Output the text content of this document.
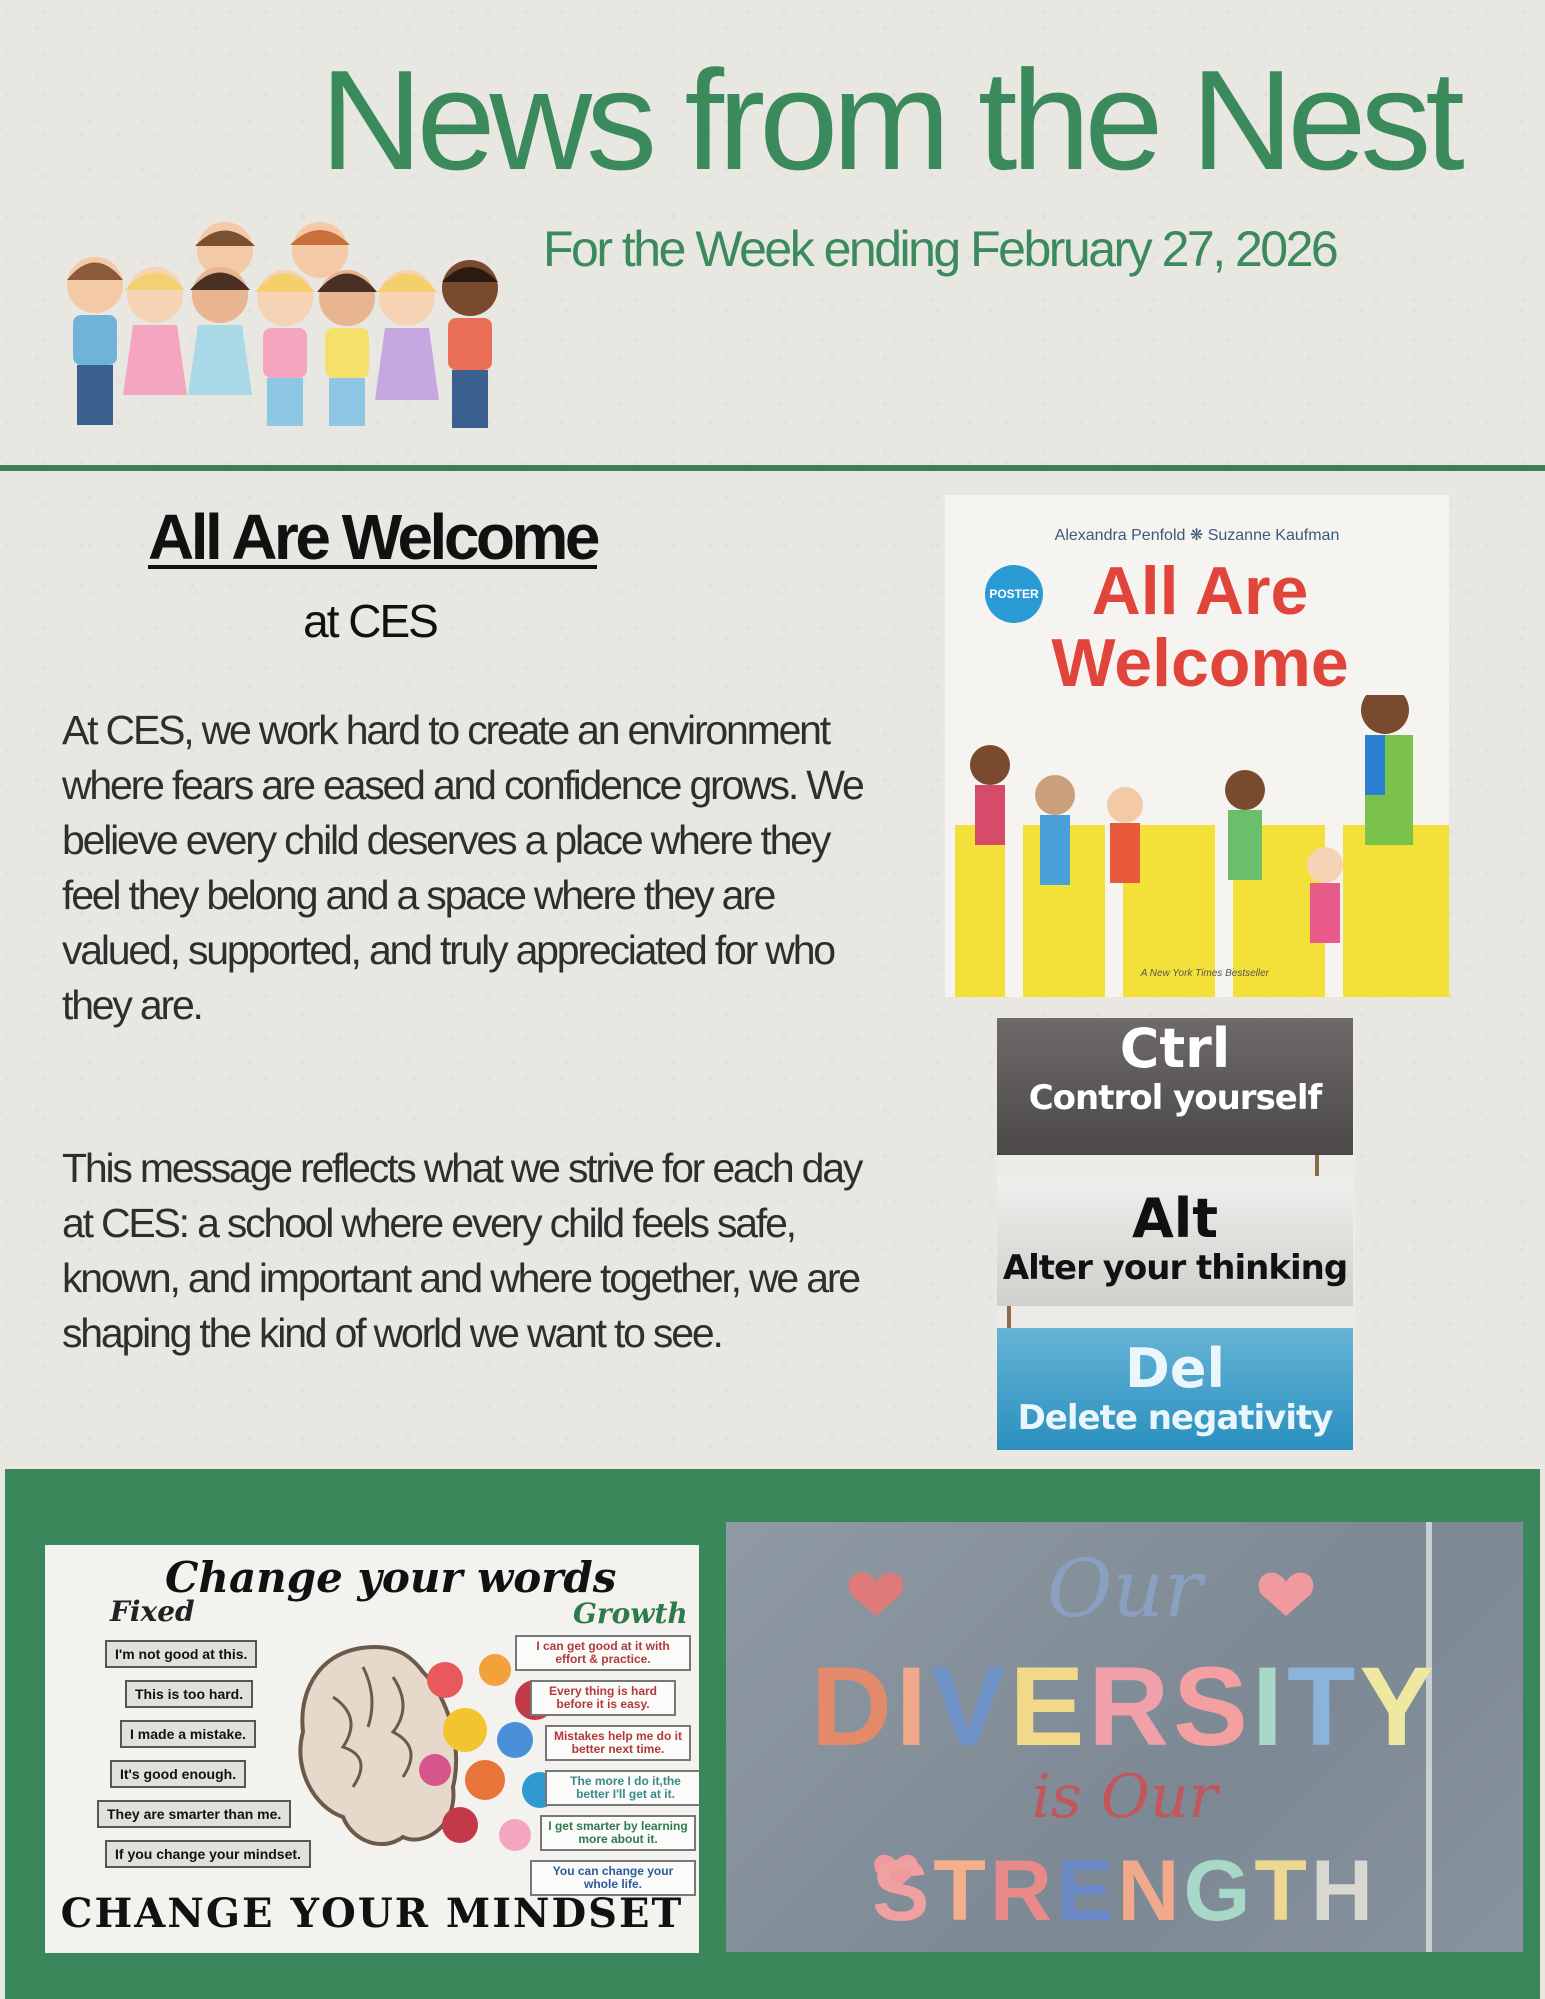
News from the Nest
For the Week ending February 27, 2026
All Are Welcome
at CES

At CES, we work hard to create an environment where fears are eased and confidence grows. We believe every child deserves a place where they feel they belong and a space where they are valued, supported, and truly appreciated for who they are.

This message reflects what we strive for each day at CES: a school where every child feels safe, known, and important and where together, we are shaping the kind of world we want to see.

Alexandra Penfold ❋ Suzanne Kaufman
POSTER All Are Welcome
A New York Times Bestseller
Ctrl
Control yourself
Alt
Alter your thinking
Del
Delete negativity
Change your words
Fixed	Growth
I'm not good at this.
This is too hard.
I made a mistake.
It's good enough.
They are smarter than me.
If you change your mindset.
I can get good at it with effort & practice.
Every thing is hard before it is easy.
Mistakes help me do it better next time.
The more I do it,the better I'll get at it.
I get smarter by learning more about it.
You can change your whole life.
CHANGE YOUR MINDSET
Our
DIVERSITY
is Our
STRENGTH
